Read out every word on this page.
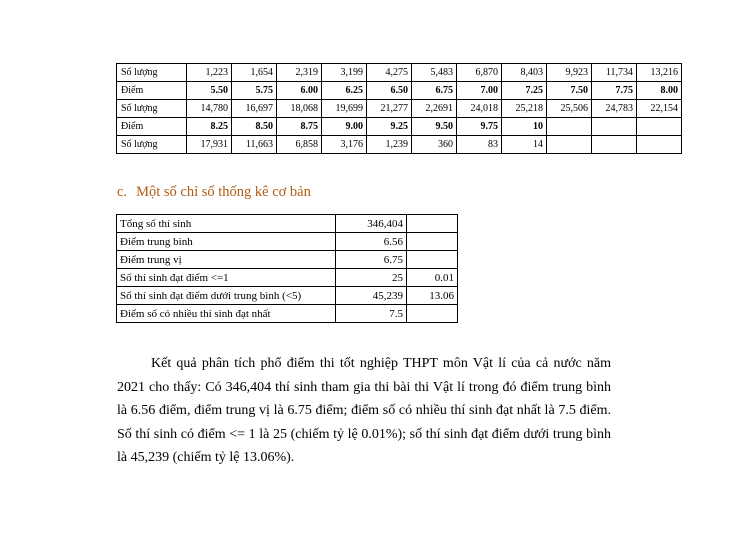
Số lượng	1,223	1,654	2,319	3,199	4,275	5,483	6,870	8,403	9,923	11,734	13,216
Điểm	5.50	5.75	6.00	6.25	6.50	6.75	7.00	7.25	7.50	7.75	8.00
Số lượng	14,780	16,697	18,068	19,699	21,277	2,2691	24,018	25,218	25,506	24,783	22,154
Điểm	8.25	8.50	8.75	9.00	9.25	9.50	9.75	10			
Số lượng	17,931	11,663	6,858	3,176	1,239	360	83	14			
c. Một số chỉ số thống kê cơ bản
Tổng số thí sinh	346,404	
Điểm trung bình	6.56	
Điểm trung vị	6.75	
Số thí sinh đạt điểm <=1	25	0.01
Số thí sinh đạt điểm dưới trung bình (<5)	45,239	13.06
Điểm số có nhiều thí sinh đạt nhất	7.5	

Kết quả phân tích phổ điểm thi tốt nghiệp THPT môn Vật lí của cả nước năm 2021 cho thấy: Có 346,404 thí sinh tham gia thi bài thi Vật lí trong đó điểm trung bình là 6.56 điểm, điểm trung vị là 6.75 điểm; điểm số có nhiều thí sinh đạt nhất là 7.5 điểm. Số thí sinh có điểm <= 1 là 25 (chiếm tỷ lệ 0.01%); số thí sinh đạt điểm dưới trung bình là 45,239 (chiếm tỷ lệ 13.06%).
